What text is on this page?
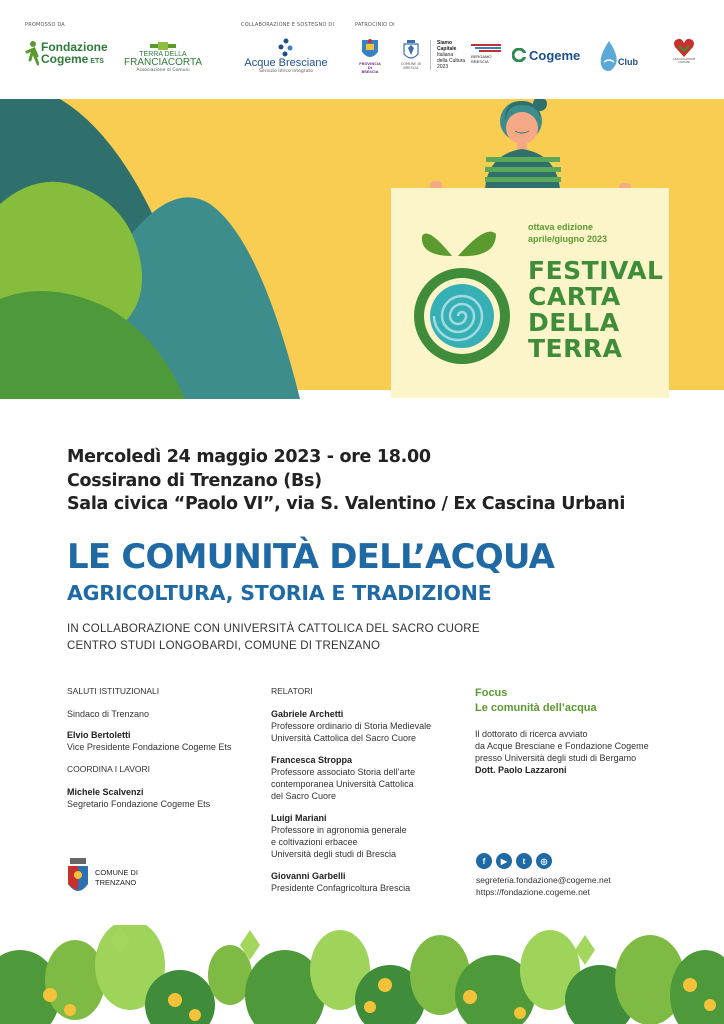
PROMOSSO DA	COLLABORAZIONE E SOSTEGNO DI	PATROCINIO DI
Fondazione
Cogeme ETS
TERRA DELLA
FRANCIACORTA
Associazione di Comuni
Acque Bresciane
Servizio Idrico Integrato
PROVINCIA DI BRESCIA
COMUNE DI BRESCIA
Siamo
Capitale
Italiana
della Cultura
2023
BERGAMO BRESCIA	Cogeme	Club	ASSOCIAZIONE COMUNI
ottava edizione
aprile/giugno 2023
FESTIVAL
CARTA
DELLA
TERRA
Mercoledì 24 maggio 2023 - ore 18.00
Cossirano di Trenzano (Bs)
Sala civica “Paolo VI”, via S. Valentino / Ex Cascina Urbani
LE COMUNITÀ DELL’ACQUA
AGRICOLTURA, STORIA E TRADIZIONE
IN COLLABORAZIONE CON UNIVERSITÀ CATTOLICA DEL SACRO CUORE
CENTRO STUDI LONGOBARDI, COMUNE DI TRENZANO
SALUTI ISTITUZIONALI
Sindaco di Trenzano
Elvio Bertoletti
Vice Presidente Fondazione Cogeme Ets
COORDINA I LAVORI
Michele Scalvenzi
Segretario Fondazione Cogeme Ets
RELATORI
Gabriele Archetti
Professore ordinario di Storia Medievale
Università Cattolica del Sacro Cuore
Francesca Stroppa
Professore associato Storia dell’arte
contemporanea Università Cattolica
del Sacro Cuore
Luigi Mariani
Professore in agronomia generale
e coltivazioni erbacee
Università degli studi di Brescia
Giovanni Garbelli
Presidente Confagricoltura Brescia
Focus
Le comunità dell’acqua
Il dottorato di ricerca avviato
da Acque Bresciane e Fondazione Cogeme
presso Università degli studi di Bergamo
Dott. Paolo Lazzaroni
f	▶	t	◎
segreteria.fondazione@cogeme.net
https://fondazione.cogeme.net
COMUNE DI
TRENZANO
